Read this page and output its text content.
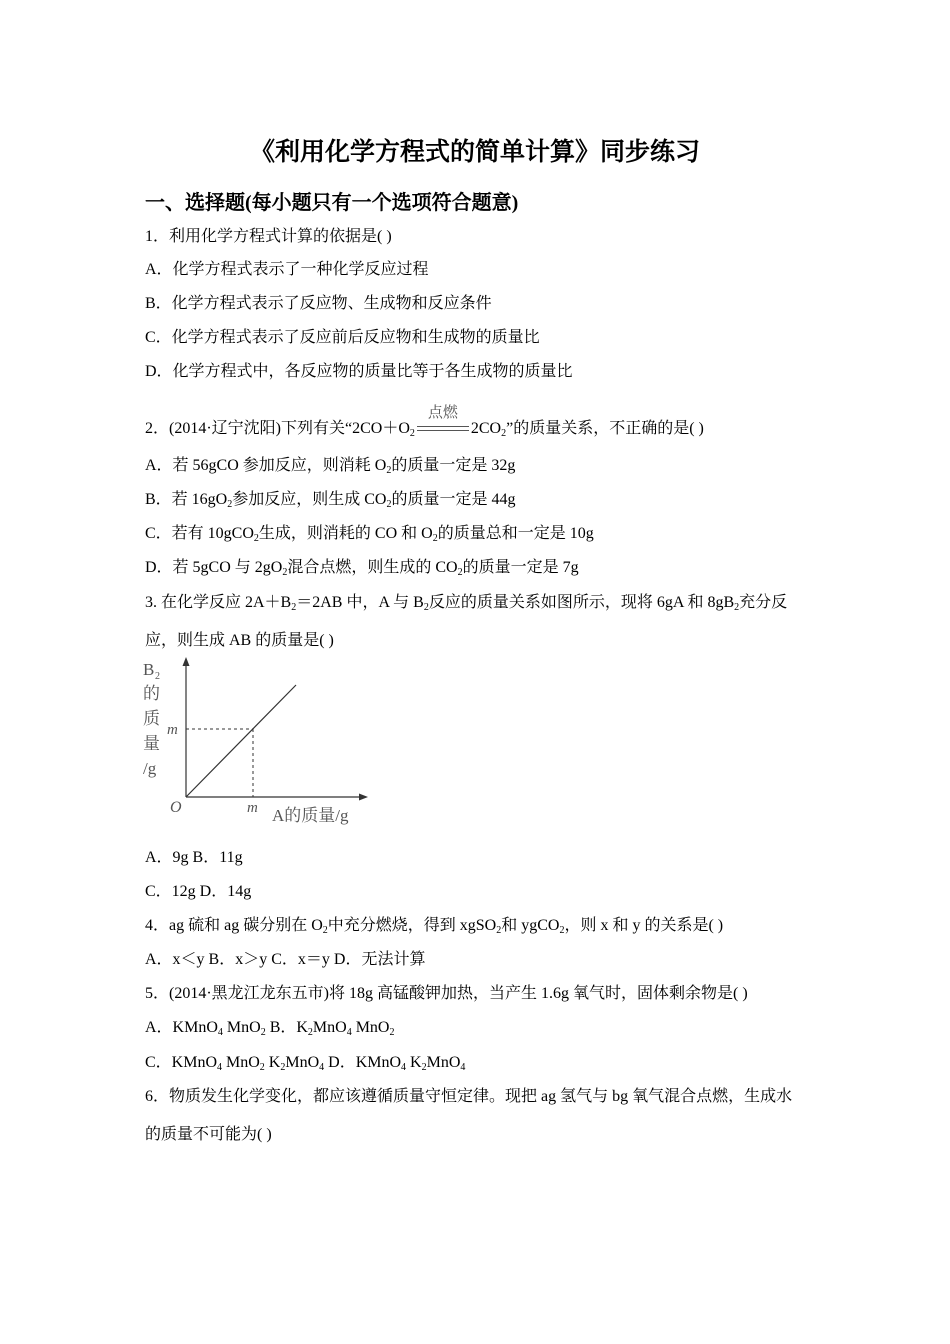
《利用化学方程式的简单计算》同步练习
一、选择题(每小题只有一个选项符合题意)
1．利用化学方程式计算的依据是( )
A．化学方程式表示了一种化学反应过程
B．化学方程式表示了反应物、生成物和反应条件
C．化学方程式表示了反应前后反应物和生成物的质量比
D．化学方程式中，各反应物的质量比等于各生成物的质量比
2．(2014·辽宁沈阳)下列有关“$2CO+O_2$
点燃
$2CO_2$”的质量关系，不正确的是( )
A．若 56gCO 参加反应，则消耗 $O_2$的质量一定是 32g
B．若 $16gO_2$参加反应，则生成 $CO_2$的质量一定是 44g
C．若有 10gCO$_2$生成，则消耗的 CO 和 $O_2$的质量总和一定是 10g
D．若 5gCO 与 $2gO_2$混合点燃，则生成的 $CO_2$的质量一定是 7g
3. 在化学反应 $2A+B_2=2AB$ 中，A 与 $B_2$反应的质量关系如图所示，现将 6gA 和 $8gB_2$充分反
应，则生成 AB 的质量是( )
B 2
的
质
量
/g
m
O	m A的质量/g
A．9g B．11g
C．12g D．14g
4．ag 硫和 ag 碳分别在 $O_2$中充分燃烧，得到 xgSO$_2$和 ygCO$_2$，则 x 和 y 的关系是( )
A．x＜y B．x＞y C．x＝y D．无法计算
5．(2014·黑龙江龙东五市)将 18g 高锰酸钾加热，当产生 1.6g 氧气时，固体剩余物是( )
A．KMnO$_4$ MnO$_2$ B．$K_2MnO_4$ MnO$_2$
C．KMnO$_4$ MnO$_2$ $K_2MnO_4$ D．KMnO$_4$ $K_2MnO_4$
6．物质发生化学变化，都应该遵循质量守恒定律。现把 ag 氢气与 bg 氧气混合点燃，生成水
的质量不可能为( )
